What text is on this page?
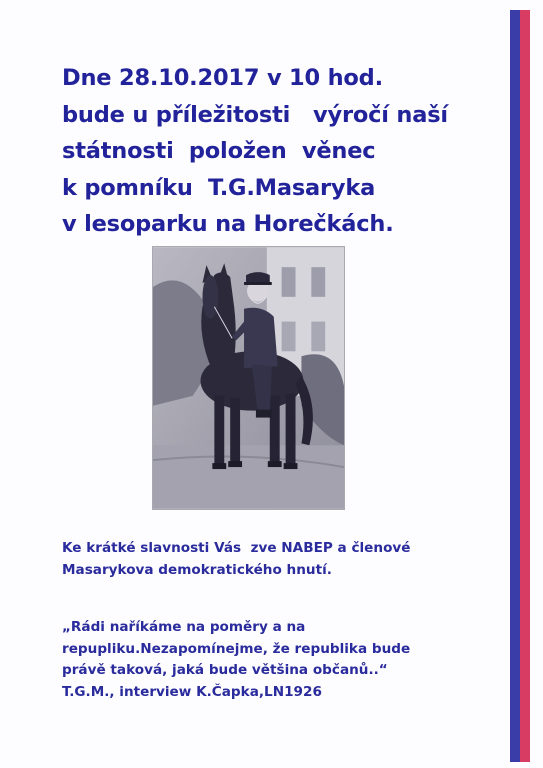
Dne 28.10.2017 v 10 hod.
bude u příležitosti   výročí naší
státnosti  položen  věnec
k pomníku  T.G.Masaryka
v lesoparku na Horečkách.
Ke krátké slavnosti Vás  zve NABEP a členové
Masarykova demokratického hnutí.
„Rádi naříkáme na poměry a na
repupliku.Nezapomínejme, že republika bude
právě taková, jaká bude většina občanů..“
T.G.M., interview K.Čapka,LN1926
